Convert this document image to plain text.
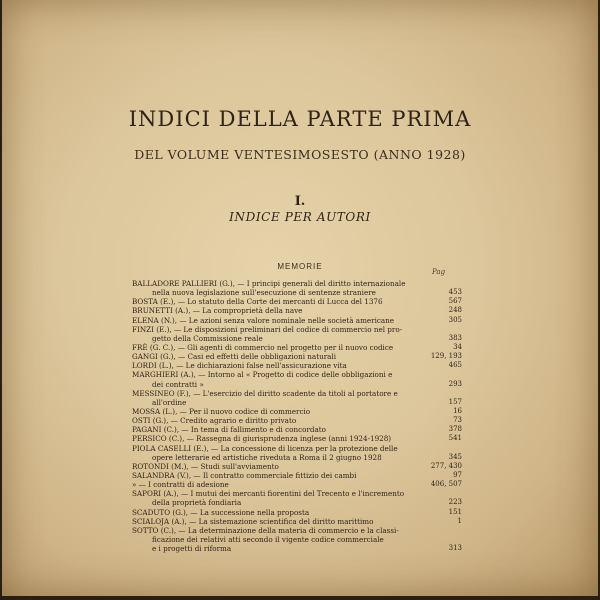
INDICI DELLA PARTE PRIMA
DEL VOLUME VENTESIMOSESTO (ANNO 1928)
I.
INDICE PER AUTORI
MEMORIE
Pag
BALLADORE PALLIERI (G.), — I principi generali del diritto internazionale
nella nuova legislazione sull'esecuzione di sentenze straniere	453
BOSTA (E.), — Lo statuto della Corte dei mercanti di Lucca del 1376	567
BRUNETTI (A.), — La comproprietà della nave	248
ELENA (N.), — Le azioni senza valore nominale nelle società americane	305
FINZI (E.), — Le disposizioni preliminari del codice di commercio nel pro-
getto della Commissione reale	383
FRÈ (G. C.), — Gli agenti di commercio nel progetto per il nuovo codice	34
GANGI (G.), — Casi ed effetti delle obbligazioni naturali	129, 193
LORDI (L.), — Le dichiarazioni false nell'assicurazione vita	465
MARGHIERI (A.), — Intorno al « Progetto di codice delle obbligazioni e
dei contratti »	293
MESSINEO (F.), — L'esercizio del diritto scadente da titoli al portatore e
all'ordine	157
MOSSA (L.), — Per il nuovo codice di commercio	16
OSTI (G.), — Credito agrario e diritto privato	73
PAGANI (C.), — In tema di fallimento e di concordato	378
PERSICO (C.), — Rassegna di giurisprudenza inglese (anni 1924-1928)	541
PIOLA CASELLI (E.), — La concessione di licenza per la protezione delle
opere letterarie ed artistiche riveduta a Roma il 2 giugno 1928	345
ROTONDI (M.), — Studi sull'avviamento	277, 430
SALANDRA (V.), — Il contratto commerciale fittizio dei cambi	97
» — I contratti di adesione	406, 507
SAPORI (A.), — I mutui dei mercanti fiorentini del Trecento e l'incremento
della proprietà fondiaria	223
SCADUTO (G.), — La successione nella proposta	151
SCIALOJA (A.), — La sistemazione scientifica del diritto marittimo	1
SOTTO (C.), — La determinazione della materia di commercio e la classi-
ficazione dei relativi atti secondo il vigente codice commerciale
e i progetti di riforma	313
